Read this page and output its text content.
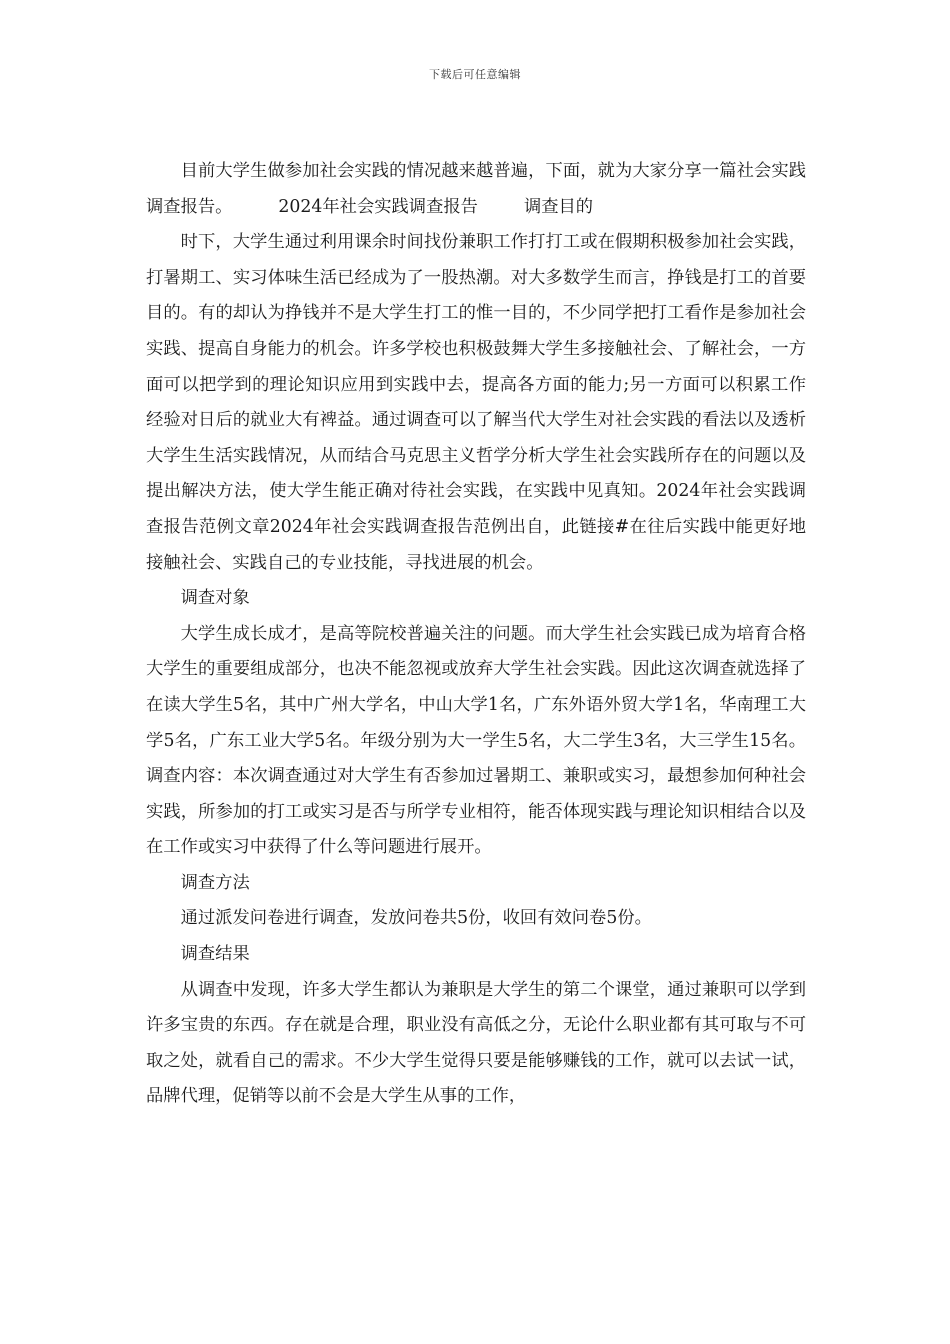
下载后可任意编辑

目前大学生做参加社会实践的情况越来越普遍，下面，就为大家分享一篇社会实践调查报告。	2024年社会实践调查报告	调查目的

时下，大学生通过利用课余时间找份兼职工作打打工或在假期积极参加社会实践，打暑期工、实习体味生活已经成为了一股热潮。对大多数学生而言，挣钱是打工的首要目的。有的却认为挣钱并不是大学生打工的惟一目的，不少同学把打工看作是参加社会实践、提高自身能力的机会。许多学校也积极鼓舞大学生多接触社会、了解社会，一方面可以把学到的理论知识应用到实践中去，提高各方面的能力;另一方面可以积累工作经验对日后的就业大有裨益。通过调查可以了解当代大学生对社会实践的看法以及透析大学生生活实践情况，从而结合马克思主义哲学分析大学生社会实践所存在的问题以及提出解决方法，使大学生能正确对待社会实践，在实践中见真知。2024年社会实践调查报告范例文章2024年社会实践调查报告范例出自，此链接#在往后实践中能更好地接触社会、实践自己的专业技能，寻找进展的机会。

调查对象

大学生成长成才，是高等院校普遍关注的问题。而大学生社会实践已成为培育合格大学生的重要组成部分，也决不能忽视或放弃大学生社会实践。因此这次调查就选择了在读大学生5名，其中广州大学名，中山大学1名，广东外语外贸大学1名，华南理工大学5名，广东工业大学5名。年级分别为大一学生5名，大二学生3名，大三学生15名。 调查内容：本次调查通过对大学生有否参加过暑期工、兼职或实习，最想参加何种社会实践，所参加的打工或实习是否与所学专业相符，能否体现实践与理论知识相结合以及在工作或实习中获得了什么等问题进行展开。

调查方法

通过派发问卷进行调查，发放问卷共5份，收回有效问卷5份。

调查结果

从调查中发现，许多大学生都认为兼职是大学生的第二个课堂，通过兼职可以学到许多宝贵的东西。存在就是合理，职业没有高低之分，无论什么职业都有其可取与不可取之处，就看自己的需求。不少大学生觉得只要是能够赚钱的工作，就可以去试一试，品牌代理，促销等以前不会是大学生从事的工作，
